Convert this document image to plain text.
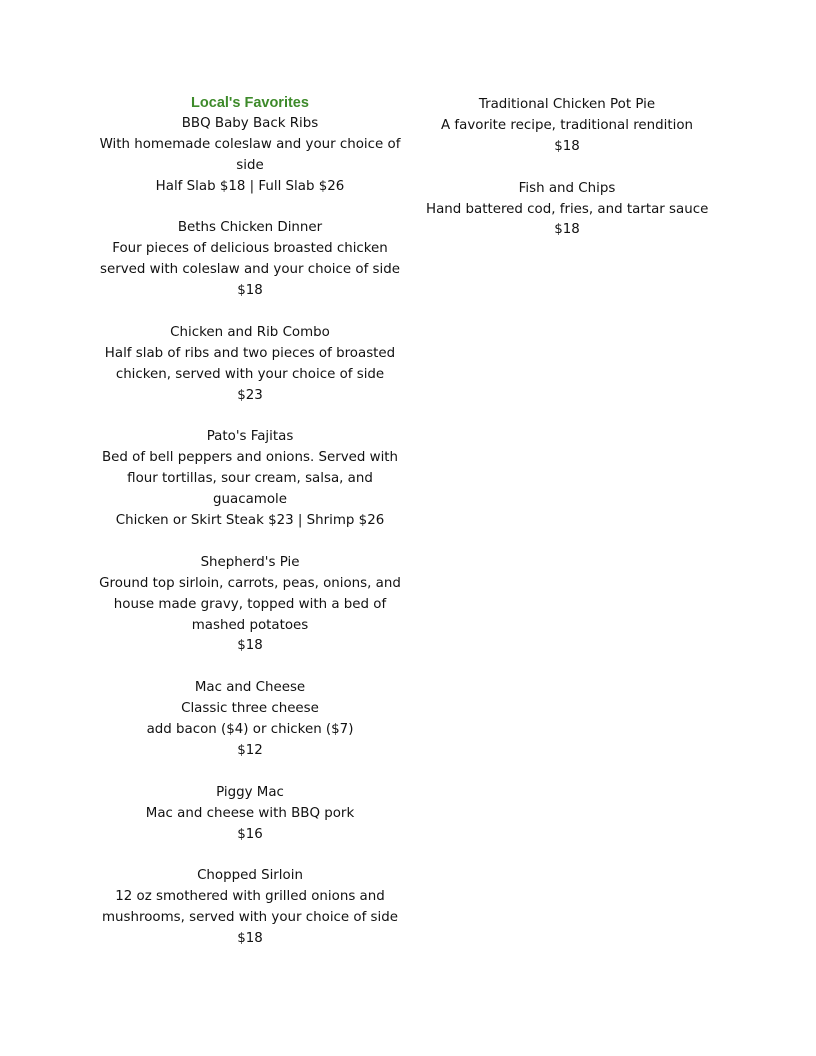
Local's Favorites
BBQ Baby Back Ribs
With homemade coleslaw and your choice of side
Half Slab $18 | Full Slab $26
Beths Chicken Dinner
Four pieces of delicious broasted chicken served with coleslaw and your choice of side
$18
Chicken and Rib Combo
Half slab of ribs and two pieces of broasted chicken, served with your choice of side
$23
Pato's Fajitas
Bed of bell peppers and onions. Served with flour tortillas, sour cream, salsa, and guacamole
Chicken or Skirt Steak $23 | Shrimp $26
Shepherd's Pie
Ground top sirloin, carrots, peas, onions, and house made gravy, topped with a bed of mashed potatoes
$18
Mac and Cheese
Classic three cheese
add bacon ($4) or chicken ($7)
$12
Piggy Mac
Mac and cheese with BBQ pork
$16
Chopped Sirloin
12 oz smothered with grilled onions and mushrooms, served with your choice of side
$18
Traditional Chicken Pot Pie
A favorite recipe, traditional rendition
$18
Fish and Chips
Hand battered cod, fries, and tartar sauce
$18
